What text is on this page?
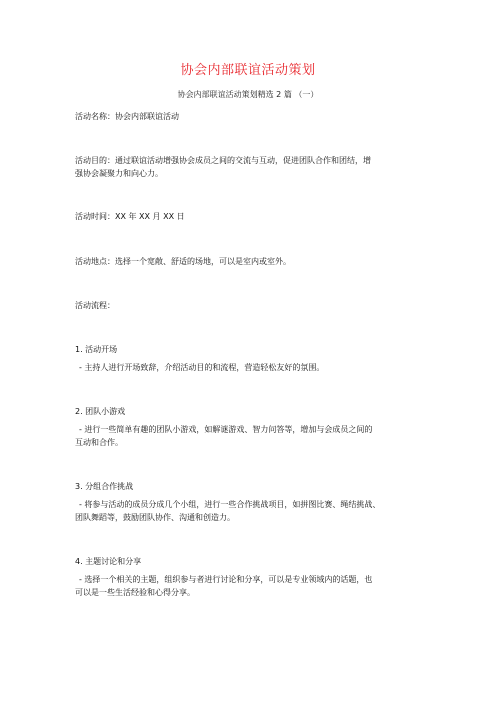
协会内部联谊活动策划
协会内部联谊活动策划精选 2 篇 （一）
活动名称：协会内部联谊活动
活动目的：通过联谊活动增强协会成员之间的交流与互动，促进团队合作和团结，增
强协会凝聚力和向心力。
活动时间：XX 年 XX 月 XX 日
活动地点：选择一个宽敞、舒适的场地，可以是室内或室外。
活动流程：
1. 活动开场
- 主持人进行开场致辞，介绍活动目的和流程，营造轻松友好的氛围。
2. 团队小游戏
- 进行一些简单有趣的团队小游戏，如解谜游戏、智力问答等，增加与会成员之间的
互动和合作。
3. 分组合作挑战
- 将参与活动的成员分成几个小组，进行一些合作挑战项目，如拼图比赛、绳结挑战、
团队舞蹈等，鼓励团队协作、沟通和创造力。
4. 主题讨论和分享
- 选择一个相关的主题，组织参与者进行讨论和分享，可以是专业领域内的话题，也
可以是一些生活经验和心得分享。
